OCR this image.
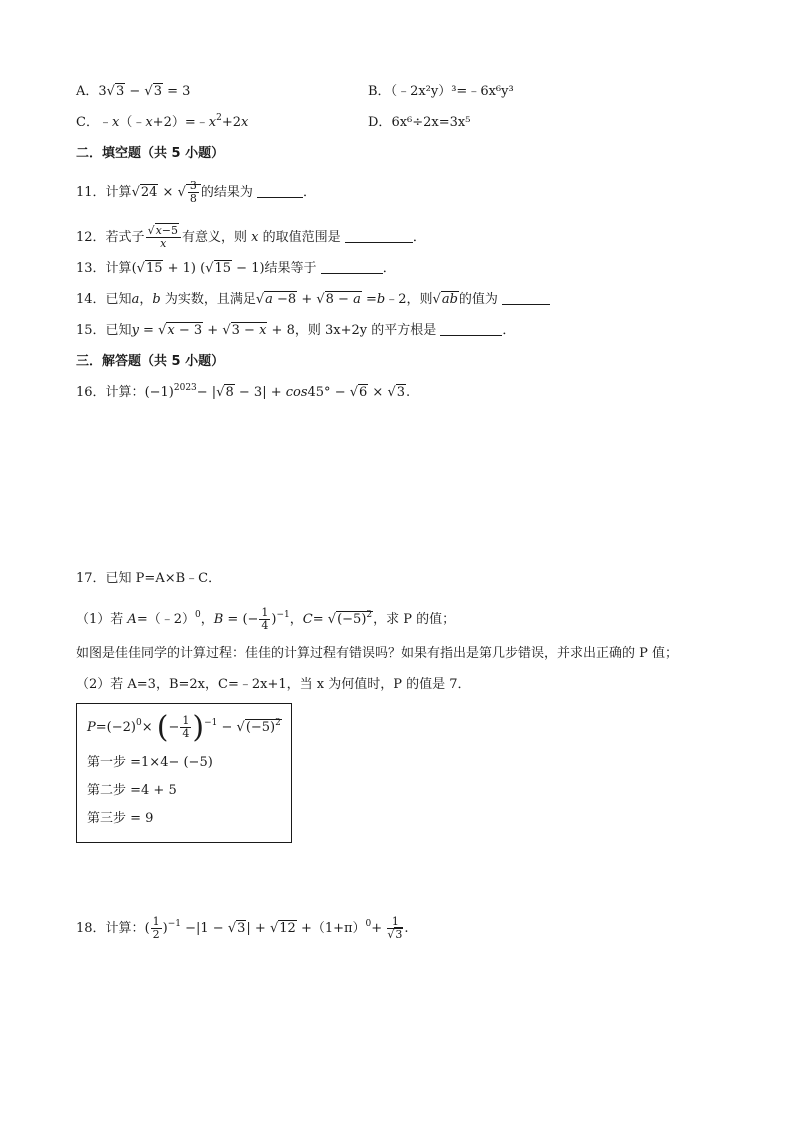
A．3√3 − √3 = 3	B．（﹣2x²y）³=﹣6x⁶y³
C．$﹣x(﹣x+2)=﹣x^2+2x$	D．6x⁶÷2x=3x⁵
二．填空题（共 5 小题）
11．计算√24 × √ $\frac{3}{8}$ 的结果为	．
12．若式子 $\frac{√x-5}{x}$ 有意义，则 x 的取值范围是	．
13．计算(√15 + 1) (√15 − 1)结果等于	．
14．已知a，b 为实数，且满足√a −8 + √8 − a =b﹣2，则√ab的值为
15．已知y = √x − 3 + √3 − x + 8，则 3x+2y 的平方根是	．
三．解答题（共 5 小题）
16．计算：$(-1)^{2023}- |√8 - 3| + \cos 45^\circ - √6 \times √3$.
17．已知 P=A×B﹣C．
（1）若 A=（﹣2）$^0$，B = (− $\frac{1}{4} )^{-1}$，$C= √(-5)^2$，求 P 的值；
如图是佳佳同学的计算过程：佳佳的计算过程有错误吗？如果有指出是第几步错误，并求出正确的 P 值；
（2）若 A=3，B=2x，C=﹣2x+1，当 x 为何值时，P 的值是 7．
$P=(-2)^0\times$ (− $\frac{1}{4} )^{-1} - √(-5)^2$
第一步 =1×4− (−5)
第二步 =4 + 5
第三步 = 9
18．计算：( $\frac{1}{2} )^{-1} -|1 - √3| + √12 +(1+\pi)^0+ \frac{1}{√3}$ .
